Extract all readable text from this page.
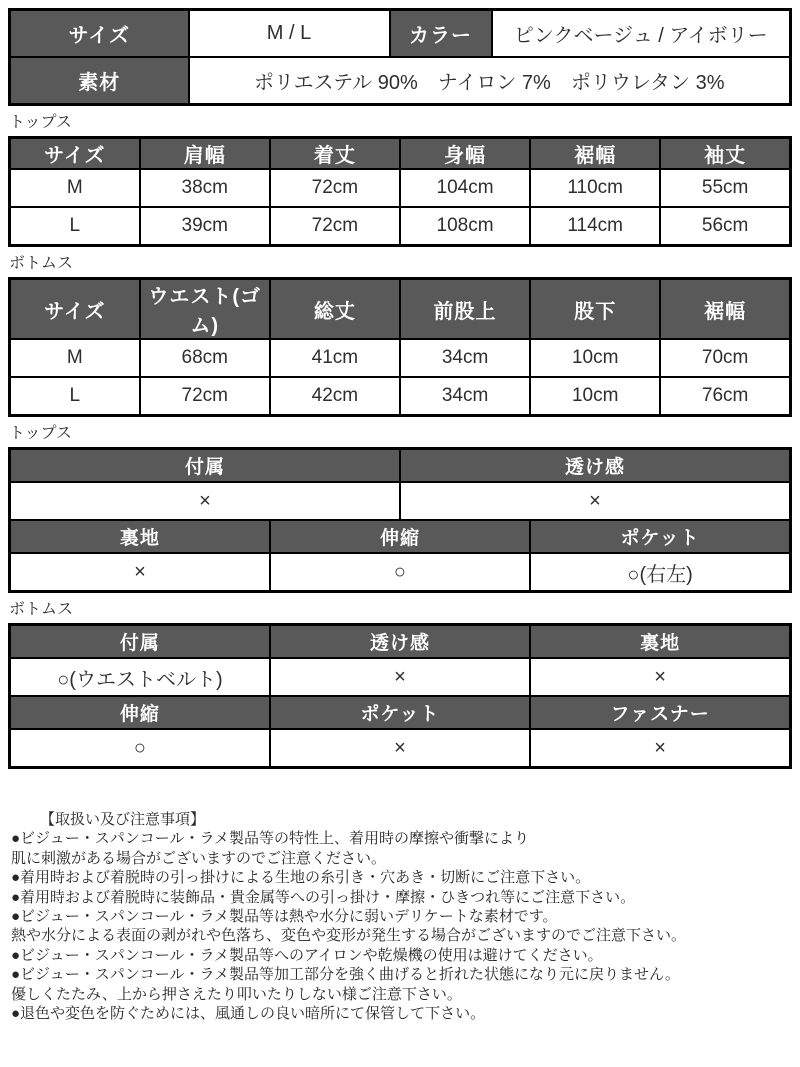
サイズ	M / L	カラー	ピンクベージュ / アイボリー
素材	ポリエステル 90%　ナイロン 7%　ポリウレタン 3%		
トップス
サイズ	肩幅	着丈	身幅	裾幅	袖丈
M	38cm	72cm	104cm	110cm	55cm
L	39cm	72cm	108cm	114cm	56cm
ボトムス
サイズ	ウエスト(ゴム)	総丈	前股上	股下	裾幅
M	68cm	41cm	34cm	10cm	70cm
L	72cm	42cm	34cm	10cm	76cm
トップス
付属		透け感	
×		×	
裏地	伸縮		ポケット
×	○		○(右左)
ボトムス
付属	透け感	裏地
○(ウエストベルト)	×	×
伸縮	ポケット	ファスナー
○	×	×
【取扱い及び注意事項】
●ビジュー・スパンコール・ラメ製品等の特性上、着用時の摩擦や衝撃により
肌に刺激がある場合がございますのでご注意ください。
●着用時および着脱時の引っ掛けによる生地の糸引き・穴あき・切断にご注意下さい。
●着用時および着脱時に装飾品・貴金属等への引っ掛け・摩擦・ひきつれ等にご注意下さい。
●ビジュー・スパンコール・ラメ製品等は熱や水分に弱いデリケートな素材です。
熱や水分による表面の剥がれや色落ち、変色や変形が発生する場合がございますのでご注意下さい。
●ビジュー・スパンコール・ラメ製品等へのアイロンや乾燥機の使用は避けてください。
●ビジュー・スパンコール・ラメ製品等加工部分を強く曲げると折れた状態になり元に戻りません。
優しくたたみ、上から押さえたり叩いたりしない様ご注意下さい。
●退色や変色を防ぐためには、風通しの良い暗所にて保管して下さい。
